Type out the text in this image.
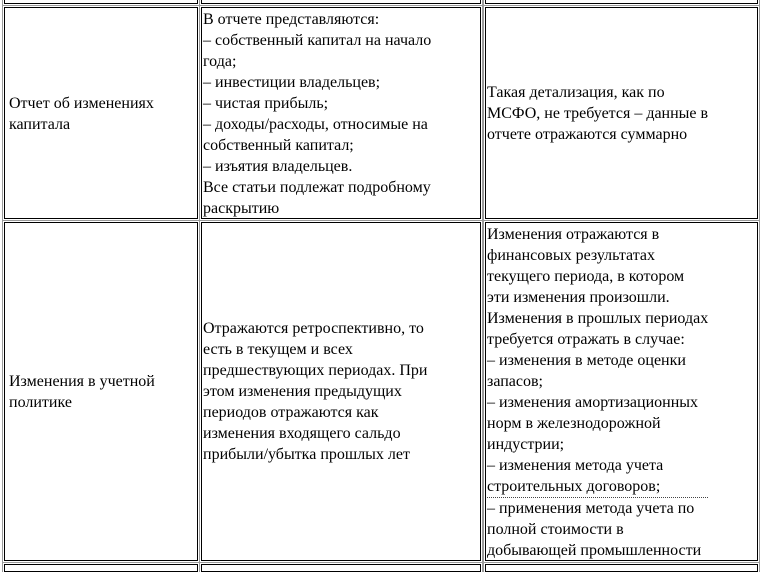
Отчет об изменениях
капитала
В отчете представляются:
– собственный капитал на начало
года;
– инвестиции владельцев;
– чистая прибыль;
– доходы/расходы, относимые на
собственный капитал;
– изъятия владельцев.
Все статьи подлежат подробному
раскрытию
Такая детализация, как по
МСФО, не требуется – данные в
отчете отражаются суммарно
Изменения в учетной
политике
Отражаются ретроспективно, то
есть в текущем и всех
предшествующих периодах. При
этом изменения предыдущих
периодов отражаются как
изменения входящего сальдо
прибыли/убытка прошлых лет
Изменения отражаются в
финансовых результатах
текущего периода, в котором
эти изменения произошли.
Изменения в прошлых периодах
требуется отражать в случае:
– изменения в методе оценки
запасов;
– изменения амортизационных
норм в железнодорожной
индустрии;
– изменения метода учета
строительных договоров;
– применения метода учета по
полной стоимости в
добывающей промышленности
